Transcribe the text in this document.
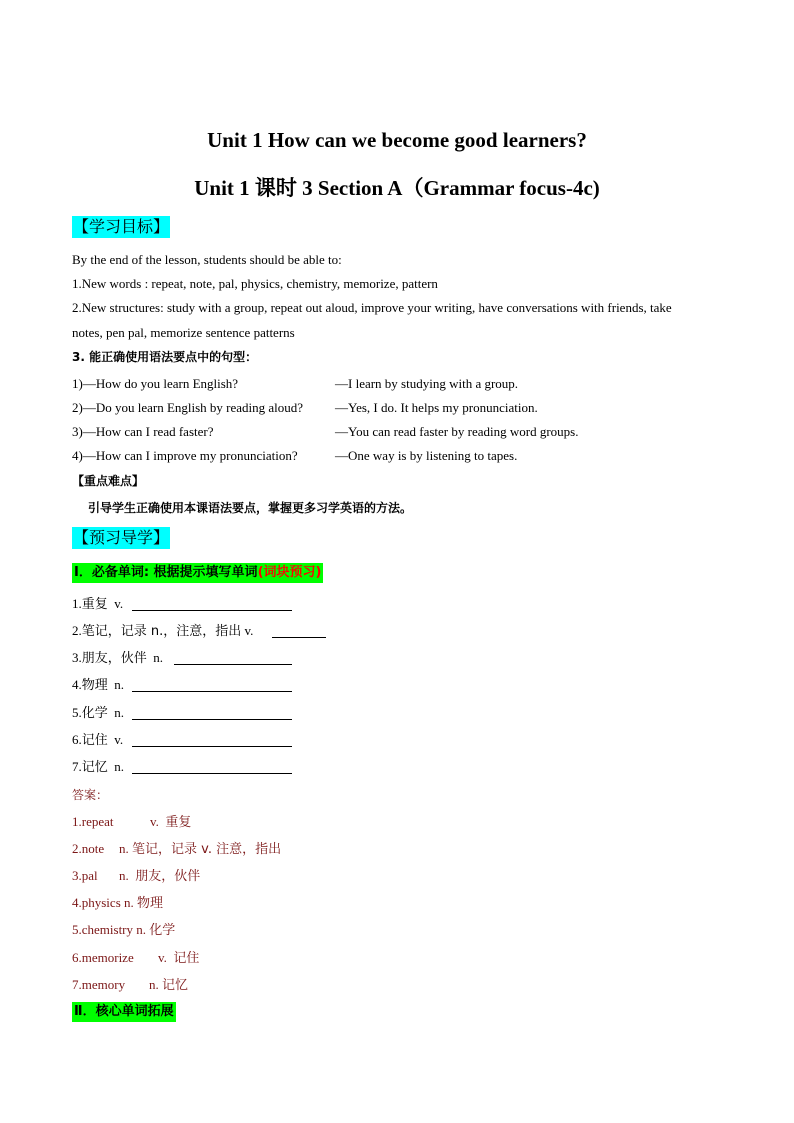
Unit 1 How can we become good learners?
Unit 1 课时 3 Section A（Grammar focus-4c)
【学习目标】
By the end of the lesson, students should be able to:
1.New words : repeat, note, pal, physics, chemistry, memorize, pattern
2.New structures: study with a group, repeat out aloud, improve your writing, have conversations with friends, take
notes, pen pal, memorize sentence patterns
3. 能正确使用语法要点中的句型：
1)—How do you learn English?	—I learn by studying with a group.
2)—Do you learn English by reading aloud? —Yes, I do. It helps my pronunciation.
3)—How can I read faster?	—You can read faster by reading word groups.
4)—How can I improve my pronunciation?	—One way is by listening to tapes.
【重点难点】
引导学生正确使用本课语法要点，掌握更多习学英语的方法。
【预习导学】
Ⅰ．必备单词: 根据提示填写单词(词块预习)
1.重复 v.
2.笔记，记录 n.，注意，指出 v.
3.朋友，伙伴 n.
4.物理 n.
5.化学 n.
6.记住 v.
7.记忆 n.
答案：
1.repeat	v. 重复
2.note n. 笔记，记录 v. 注意，指出
3.pal n. 朋友，伙伴
4.physics n. 物理
5.chemistry n. 化学
6.memorize v. 记住
7.memory n. 记忆
Ⅱ．核心单词拓展
